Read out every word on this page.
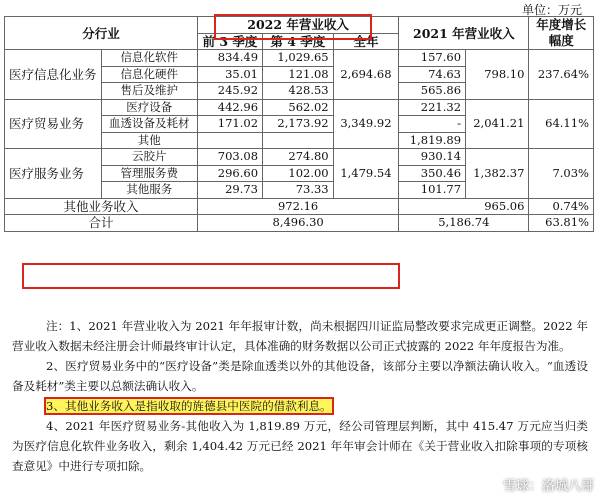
单位：万元
分行业		2022 年营业收入			2021 年营业收入		年度增长幅度
		前 3 季度	第 4 季度	全年			
医疗信息化业务	信息化软件	834.49	1,029.65	2,694.68	157.60	798.10	237.64%
	信息化硬件	35.01	121.08		74.63		
	售后及维护	245.92	428.53		565.86		
医疗贸易业务	医疗设备	442.96	562.02	3,349.92	221.32	2,041.21	64.11%
	血透设备及耗材	171.02	2,173.92		-		
	其他				1,819.89		
医疗服务业务	云胶片	703.08	274.80	1,479.54	930.14	1,382.37	7.03%
	管理服务费	296.60	102.00		350.46		
	其他服务	29.73	73.33		101.77		
其他业务收入		972.16			965.06		0.74%
合计		8,496.30			5,186.74		63.81%

注：1、2021 年营业收入为 2021 年年报审计数，尚未根据四川证监局整改要求完成更正调整。2022 年营业收入数据未经注册会计师最终审计认定，具体准确的财务数据以公司正式披露的 2022 年年度报告为准。

2、医疗贸易业务中的“医疗设备”类是除血透类以外的其他设备，该部分主要以净额法确认收入。“血透设备及耗材”类主要以总额法确认收入。

3、其他业务收入是指收取的旌德县中医院的借款利息。

4、2021 年医疗贸易业务-其他收入为 1,819.89 万元，经公司管理层判断，其中 415.47 万元应当归类为医疗信息化软件业务收入，剩余 1,404.42 万元已经 2021 年年审会计师在《关于营业收入扣除事项的专项核查意见》中进行专项扣除。

雪球：洛城八哥
